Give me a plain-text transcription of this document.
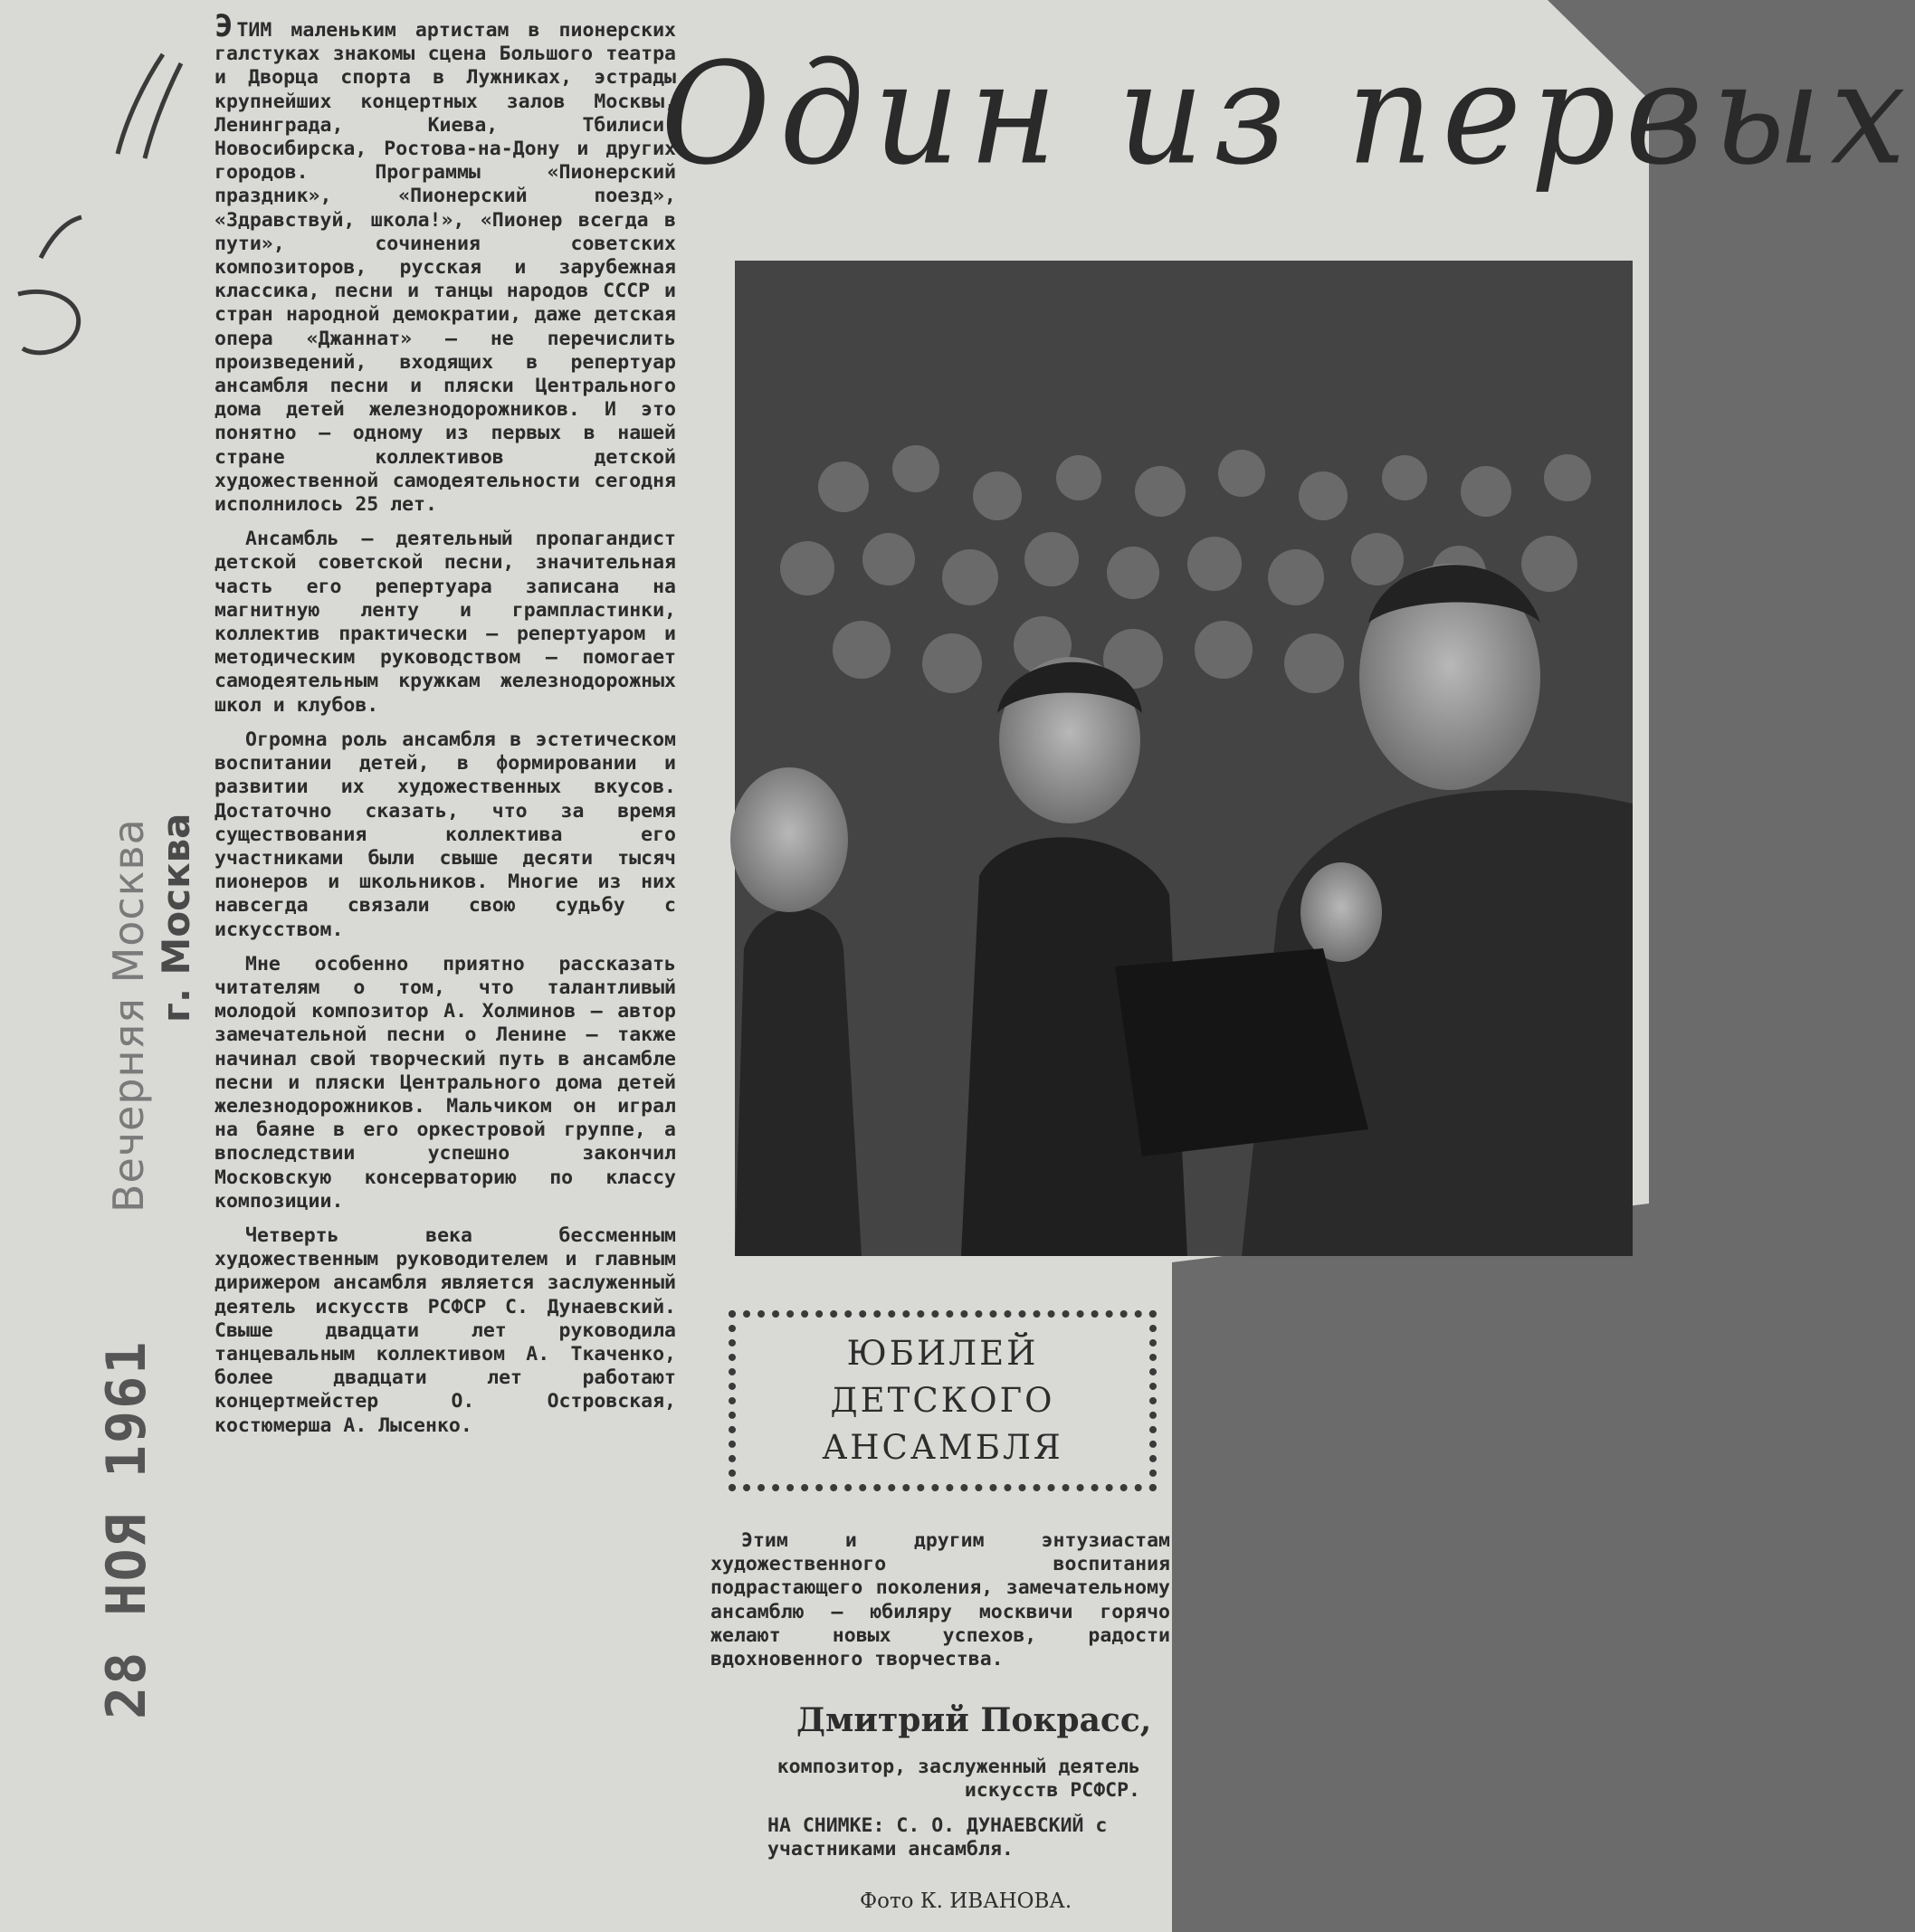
Вечерняя Москва г. Москва
28 НОЯ 1961

ЭТИМ маленьким артистам в пионерских галстуках знакомы сцена Большого театра и Дворца спорта в Лужниках, эстрады крупнейших концертных залов Москвы, Ленинграда, Киева, Тбилиси, Новосибирска, Ростова-на-Дону и других городов. Программы «Пионерский праздник», «Пионерский поезд», «Здравствуй, школа!», «Пионер всегда в пути», сочинения советских композиторов, русская и зарубежная классика, песни и танцы народов СССР и стран народной демократии, даже детская опера «Джаннат» — не перечислить произведений, входящих в репертуар ансамбля песни и пляски Центрального дома детей железнодорожников. И это понятно — одному из первых в нашей стране коллективов детской художественной самодеятельности сегодня исполнилось 25 лет.

Ансамбль — деятельный пропагандист детской советской песни, значительная часть его репертуара записана на магнитную ленту и грампластинки, коллектив практически — репертуаром и методическим руководством — помогает самодеятельным кружкам железнодорожных школ и клубов.

Огромна роль ансамбля в эстетическом воспитании детей, в формировании и развитии их художественных вкусов. Достаточно сказать, что за время существования коллектива его участниками были свыше десяти тысяч пионеров и школьников. Многие из них навсегда связали свою судьбу с искусством.

Мне особенно приятно рассказать читателям о том, что талантливый молодой композитор А. Холминов — автор замечательной песни о Ленине — также начинал свой творческий путь в ансамбле песни и пляски Центрального дома детей железнодорожников. Мальчиком он играл на баяне в его оркестровой группе, а впоследствии успешно закончил Московскую консерваторию по классу композиции.

Четверть века бессменным художественным руководителем и главным дирижером ансамбля является заслуженный деятель искусств РСФСР С. Дунаевский. Свыше двадцати лет руководила танцевальным коллективом А. Ткаченко, более двадцати лет работают концертмейстер О. Островская, костюмерша А. Лысенко.

Один из первых
ЮБИЛЕЙ
ДЕТСКОГО
АНСАМБЛЯ

Этим и другим энтузиастам художественного воспитания подрастающего поколения, замечательному ансамблю — юбиляру москвичи горячо желают новых успехов, радости вдохновенного творчества.

Дмитрий Покрасс,
композитор, заслуженный деятель искусств РСФСР.
НА СНИМКЕ: С. О. ДУНАЕВСКИЙ с участниками ансамбля.
Фото К. ИВАНОВА.
